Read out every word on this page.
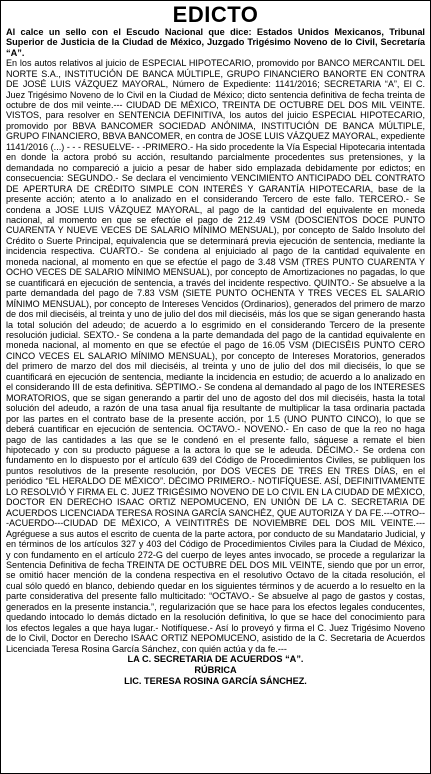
EDICTO

Al calce un sello con el Escudo Nacional que dice: Estados Unidos Mexicanos, Tribunal Superior de Justicia de la Ciudad de México, Juzgado Trigésimo Noveno de lo Civil, Secretaría “A”.

En los autos relativos al juicio de ESPECIAL HIPOTECARIO, promovido por BANCO MERCANTIL DEL NORTE S.A., INSTITUCIÓN DE BANCA MÚLTIPLE, GRUPO FINANCIERO BANORTE EN CONTRA DE JOSÉ LUIS VÁZQUEZ MAYORAL, Número de Expediente: 1141/2016; SECRETARIA “A”, El C. Juez Trigésimo Noveno de lo Civil en la Ciudad de México; dicto sentencia definitiva de fecha treinta de octubre de dos mil veinte.--- CIUDAD DE MÉXICO, TREINTA DE OCTUBRE DEL DOS MIL VEINTE. VISTOS, para resolver en SENTENCIA DEFINITIVA, los autos del juicio ESPECIAL HIPOTECARIO, promovido por BBVA BANCOMER SOCIEDAD ANÓNIMA, INSTITUCIÓN DE BANCA MÚLTIPLE, GRUPO FINANCIERO, BBVA BANCOMER, en contra de JOSE LUIS VÁZQUEZ MAYORAL, expediente 1141/2016 (...) - - - RESUELVE- - -PRIMERO.- Ha sido procedente la Vía Especial Hipotecaria intentada en donde la actora probó su acción, resultando parcialmente procedentes sus pretensiones, y la demandada no compareció a juicio a pesar de haber sido emplazada debidamente por edictos; en consecuencia: SEGUNDO.- Se declara el vencimiento VENCIMIENTO ANTICIPADO DEL CONTRATO DE APERTURA DE CRÉDITO SIMPLE CON INTERÉS Y GARANTÍA HIPOTECARIA, base de la presente acción; atento a lo analizado en el considerando Tercero de este fallo. TERCERO.- Se condena a JOSE LUIS VÁZQUEZ MAYORAL, al pago de la cantidad del equivalente en moneda nacional, al momento en que se efectúe el pago de 212.49 VSM (DOSCIENTOS DOCE PUNTO CUARENTA Y NUEVE VECES DE SALARIO MÍNIMO MENSUAL), por concepto de Saldo Insoluto del Crédito o Suerte Principal, equivalencia que se determinará previa ejecución de sentencia, mediante la incidencia respectiva. CUARTO.- Se condena al enjuiciado al pago de la cantidad equivalente en moneda nacional, al momento en que se efectúe el pago de 3.48 VSM (TRES PUNTO CUARENTA Y OCHO VECES DE SALARIO MÍNIMO MENSUAL), por concepto de Amortizaciones no pagadas, lo que se cuantificará en ejecución de sentencia, a través del incidente respectivo. QUINTO.- Se absuelve a la parte demandada del pago de 7.83 VSM (SIETE PUNTO OCHENTA Y TRES VECES EL SALARIO MÍNIMO MENSUAL), por concepto de Intereses Vencidos (Ordinarios), generados del primero de marzo de dos mil dieciséis, al treinta y uno de julio del dos mil dieciséis, más los que se sigan generando hasta la total solución del adeudo; de acuerdo a lo esgrimido en el considerando Tercero de la presente resolución judicial. SEXTO.- Se condena a la parte demandada del pago de la cantidad equivalente en moneda nacional, al momento en que se efectúe el pago de 16.05 VSM (DIECISÉIS PUNTO CERO CINCO VECES EL SALARIO MÍNIMO MENSUAL), por concepto de Intereses Moratorios, generados del primero de marzo del dos mil dieciséis, al treinta y uno de julio del dos mil dieciséis, lo que se cuantificará en ejecución de sentencia, mediante la incidencia en estudio; de acuerdo a lo analizado en el considerando III de esta definitiva. SÉPTIMO.- Se condena al demandado al pago de los INTERESES MORATORIOS, que se sigan generando a partir del uno de agosto del dos mil dieciséis, hasta la total solución del adeudo, a razón de una tasa anual fija resultante de multiplicar la tasa ordinaria pactada por las partes en el contrato base de la presente acción, por 1.5 (UNO PUNTO CINCO), lo que se deberá cuantificar en ejecución de sentencia. OCTAVO.- NOVENO.- En caso de que la reo no haga pago de las cantidades a las que se le condenó en el presente fallo, sáquese a remate el bien hipotecado y con su producto páguese a la actora lo que se le adeuda. DÉCIMO.- Se ordena con fundamento en lo dispuesto por el artículo 639 del Código de Procedimientos Civiles, se publiquen los puntos resolutivos de la presente resolución, por DOS VECES DE TRES EN TRES DÍAS, en el periódico “EL HERALDO DE MÉXICO”. DÉCIMO PRIMERO.- NOTIFÍQUESE. ASÍ, DEFINITIVAMENTE LO RESOLVIÓ Y FIRMA EL C. JUEZ TRIGÉSIMO NOVENO DE LO CIVIL EN LA CIUDAD DE MÉXICO, DOCTOR EN DERECHO ISAAC ORTIZ NEPOMUCENO, EN UNIÓN DE LA C. SECRETARIA DE ACUERDOS LICENCIADA TERESA ROSINA GARCÍA SANCHÉZ, QUE AUTORIZA Y DA FE.---OTRO---ACUERDO---CIUDAD DE MÉXICO, A VEINTITRÉS DE NOVIEMBRE DEL DOS MIL VEINTE.---Agréguese a sus autos el escrito de cuenta de la parte actora, por conducto de su Mandatario Judicial, y en términos de los artículos 327 y 403 del Código de Procedimientos Civiles para la Ciudad de México, y con fundamento en el artículo 272-G del cuerpo de leyes antes invocado, se procede a regularizar la Sentencia Definitiva de fecha TREINTA DE OCTUBRE DEL DOS MIL VEINTE, siendo que por un error, se omitió hacer mención de la condena respectiva en el resolutivo Octavo de la citada resolución, el cual sólo quedó en blanco, debiendo quedar en los siguientes términos y de acuerdo a lo resuelto en la parte considerativa del presente fallo multicitado: “OCTAVO.- Se absuelve al pago de gastos y costas, generados en la presente instancia.”, regularización que se hace para los efectos legales conducentes, quedando intocado lo demás dictado en la resolución definitiva, lo que se hace del conocimiento para los efectos legales a que haya lugar.- Notifíquese.- Así lo proveyó y firma el C. Juez Trigésimo Noveno de lo Civil, Doctor en Derecho ISAAC ORTIZ NEPOMUCENO, asistido de la C. Secretaria de Acuerdos Licenciada Teresa Rosina García Sánchez, con quién actúa y da fe.---

LA C. SECRETARIA DE ACUERDOS “A”.

RÚBRICA

LIC. TERESA ROSINA GARCÍA SÁNCHEZ.
